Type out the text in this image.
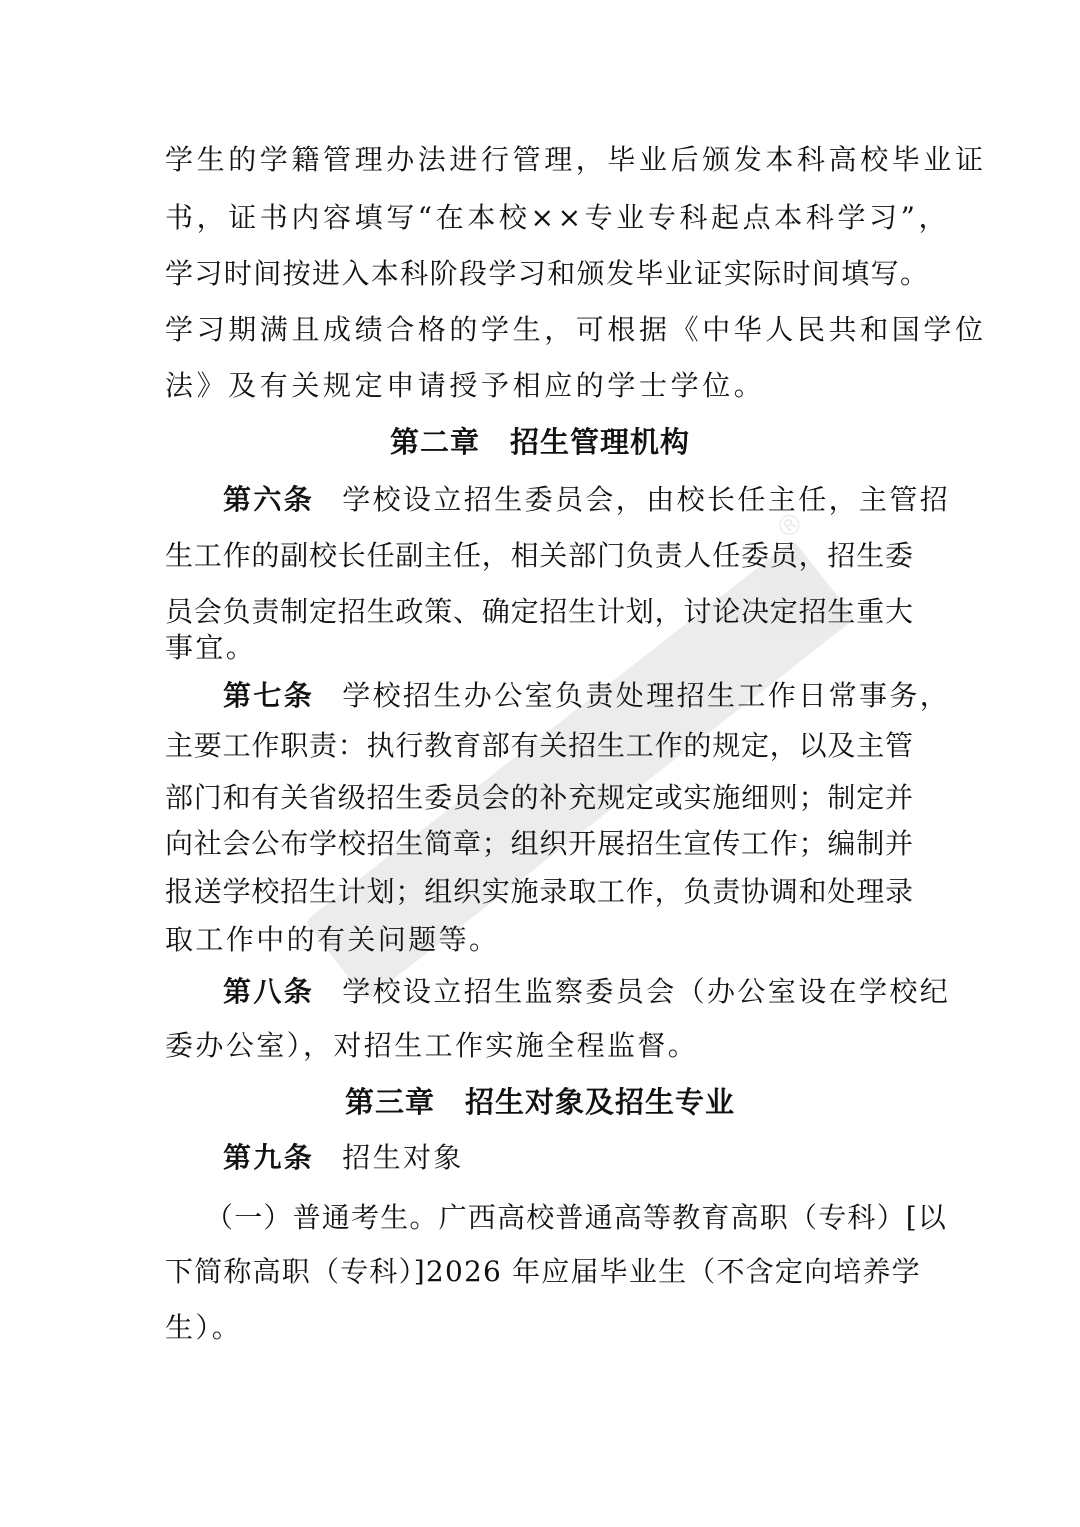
®
学生的学籍管理办法进行管理，毕业后颁发本科高校毕业证
书，证书内容填写“在本校××专业专科起点本科学习”，
学习时间按进入本科阶段学习和颁发毕业证实际时间填写。
学习期满且成绩合格的学生，可根据《中华人民共和国学位
法》及有关规定申请授予相应的学士学位。
第二章　招生管理机构
第六条 学校设立招生委员会，由校长任主任，主管招
生工作的副校长任副主任，相关部门负责人任委员，招生委
员会负责制定招生政策、确定招生计划，讨论决定招生重大
事宜。
第七条 学校招生办公室负责处理招生工作日常事务，
主要工作职责：执行教育部有关招生工作的规定，以及主管
部门和有关省级招生委员会的补充规定或实施细则；制定并
向社会公布学校招生简章；组织开展招生宣传工作；编制并
报送学校招生计划；组织实施录取工作，负责协调和处理录
取工作中的有关问题等。
第八条 学校设立招生监察委员会（办公室设在学校纪
委办公室），对招生工作实施全程监督。
第三章　招生对象及招生专业
第九条 招生对象
（一）普通考生。广西高校普通高等教育高职（专科）[以
下简称高职（专科）]2026 年应届毕业生（不含定向培养学
生）。
